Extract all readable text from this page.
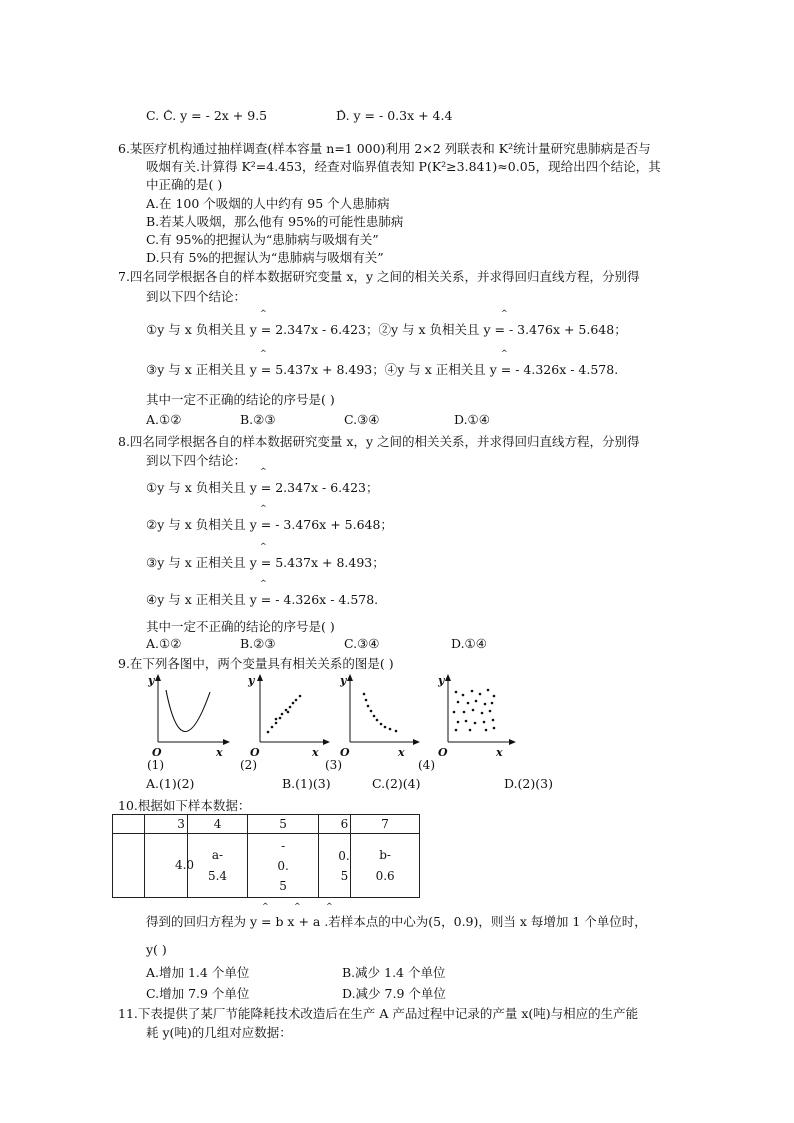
C. C. y = - 2x + 9.5	D. y = - 0.3x + 4.4
6.某医疗机构通过抽样调查(样本容量 n=1 000)利用 2×2 列联表和 K²统计量研究患肺病是否与
吸烟有关.计算得 K²=4.453，经查对临界值表知 P(K²≥3.841)≈0.05，现给出四个结论，其
中正确的是( )
A.在 100 个吸烟的人中约有 95 个人患肺病
B.若某人吸烟，那么他有 95%的可能性患肺病
C.有 95%的把握认为“患肺病与吸烟有关”
D.只有 5%的把握认为“患肺病与吸烟有关”
7.四名同学根据各自的样本数据研究变量 x，y 之间的相关关系，并求得回归直线方程，分别得
到以下四个结论：
①y 与 x 负相关且 y = 2.347x - 6.423；②y 与 x 负相关且 y = - 3.476x + 5.648；
③y 与 x 正相关且 y = 5.437x + 8.493；④y 与 x 正相关且 y = - 4.326x - 4.578.
其中一定不正确的结论的序号是( )
A.①②	B.②③	C.③④	D.①④
^	^
^	^
8.四名同学根据各自的样本数据研究变量 x，y 之间的相关关系，并求得回归直线方程，分别得
到以下四个结论：
①y 与 x 负相关且 y = 2.347x - 6.423；
②y 与 x 负相关且 y = - 3.476x + 5.648；
③y 与 x 正相关且 y = 5.437x + 8.493；
④y 与 x 正相关且 y = - 4.326x - 4.578.
其中一定不正确的结论的序号是( )
A.①②	B.②③	C.③④	D.①④
^
^
^
^
9.在下列各图中，两个变量具有相关关系的图是( )
y
O	x
(1)
y
O	x
(2)
y
O	x
(3)
y
O	x
(4)
A.(1)(2)	B.(1)(3)	C.(2)(4)	D.(2)(3)
10.根据如下样本数据：
	3	4	5	6	7
	4.0	a-5.4	-0.5	0.5	b-0.6
得到的回归方程为 y = b x + a .若样本点的中心为(5，0.9)，则当 x 每增加 1 个单位时，
^	^	^
y( )
A.增加 1.4 个单位	B.减少 1.4 个单位
C.增加 7.9 个单位	D.减少 7.9 个单位
11.下表提供了某厂节能降耗技术改造后在生产 A 产品过程中记录的产量 x(吨)与相应的生产能
耗 y(吨)的几组对应数据：
